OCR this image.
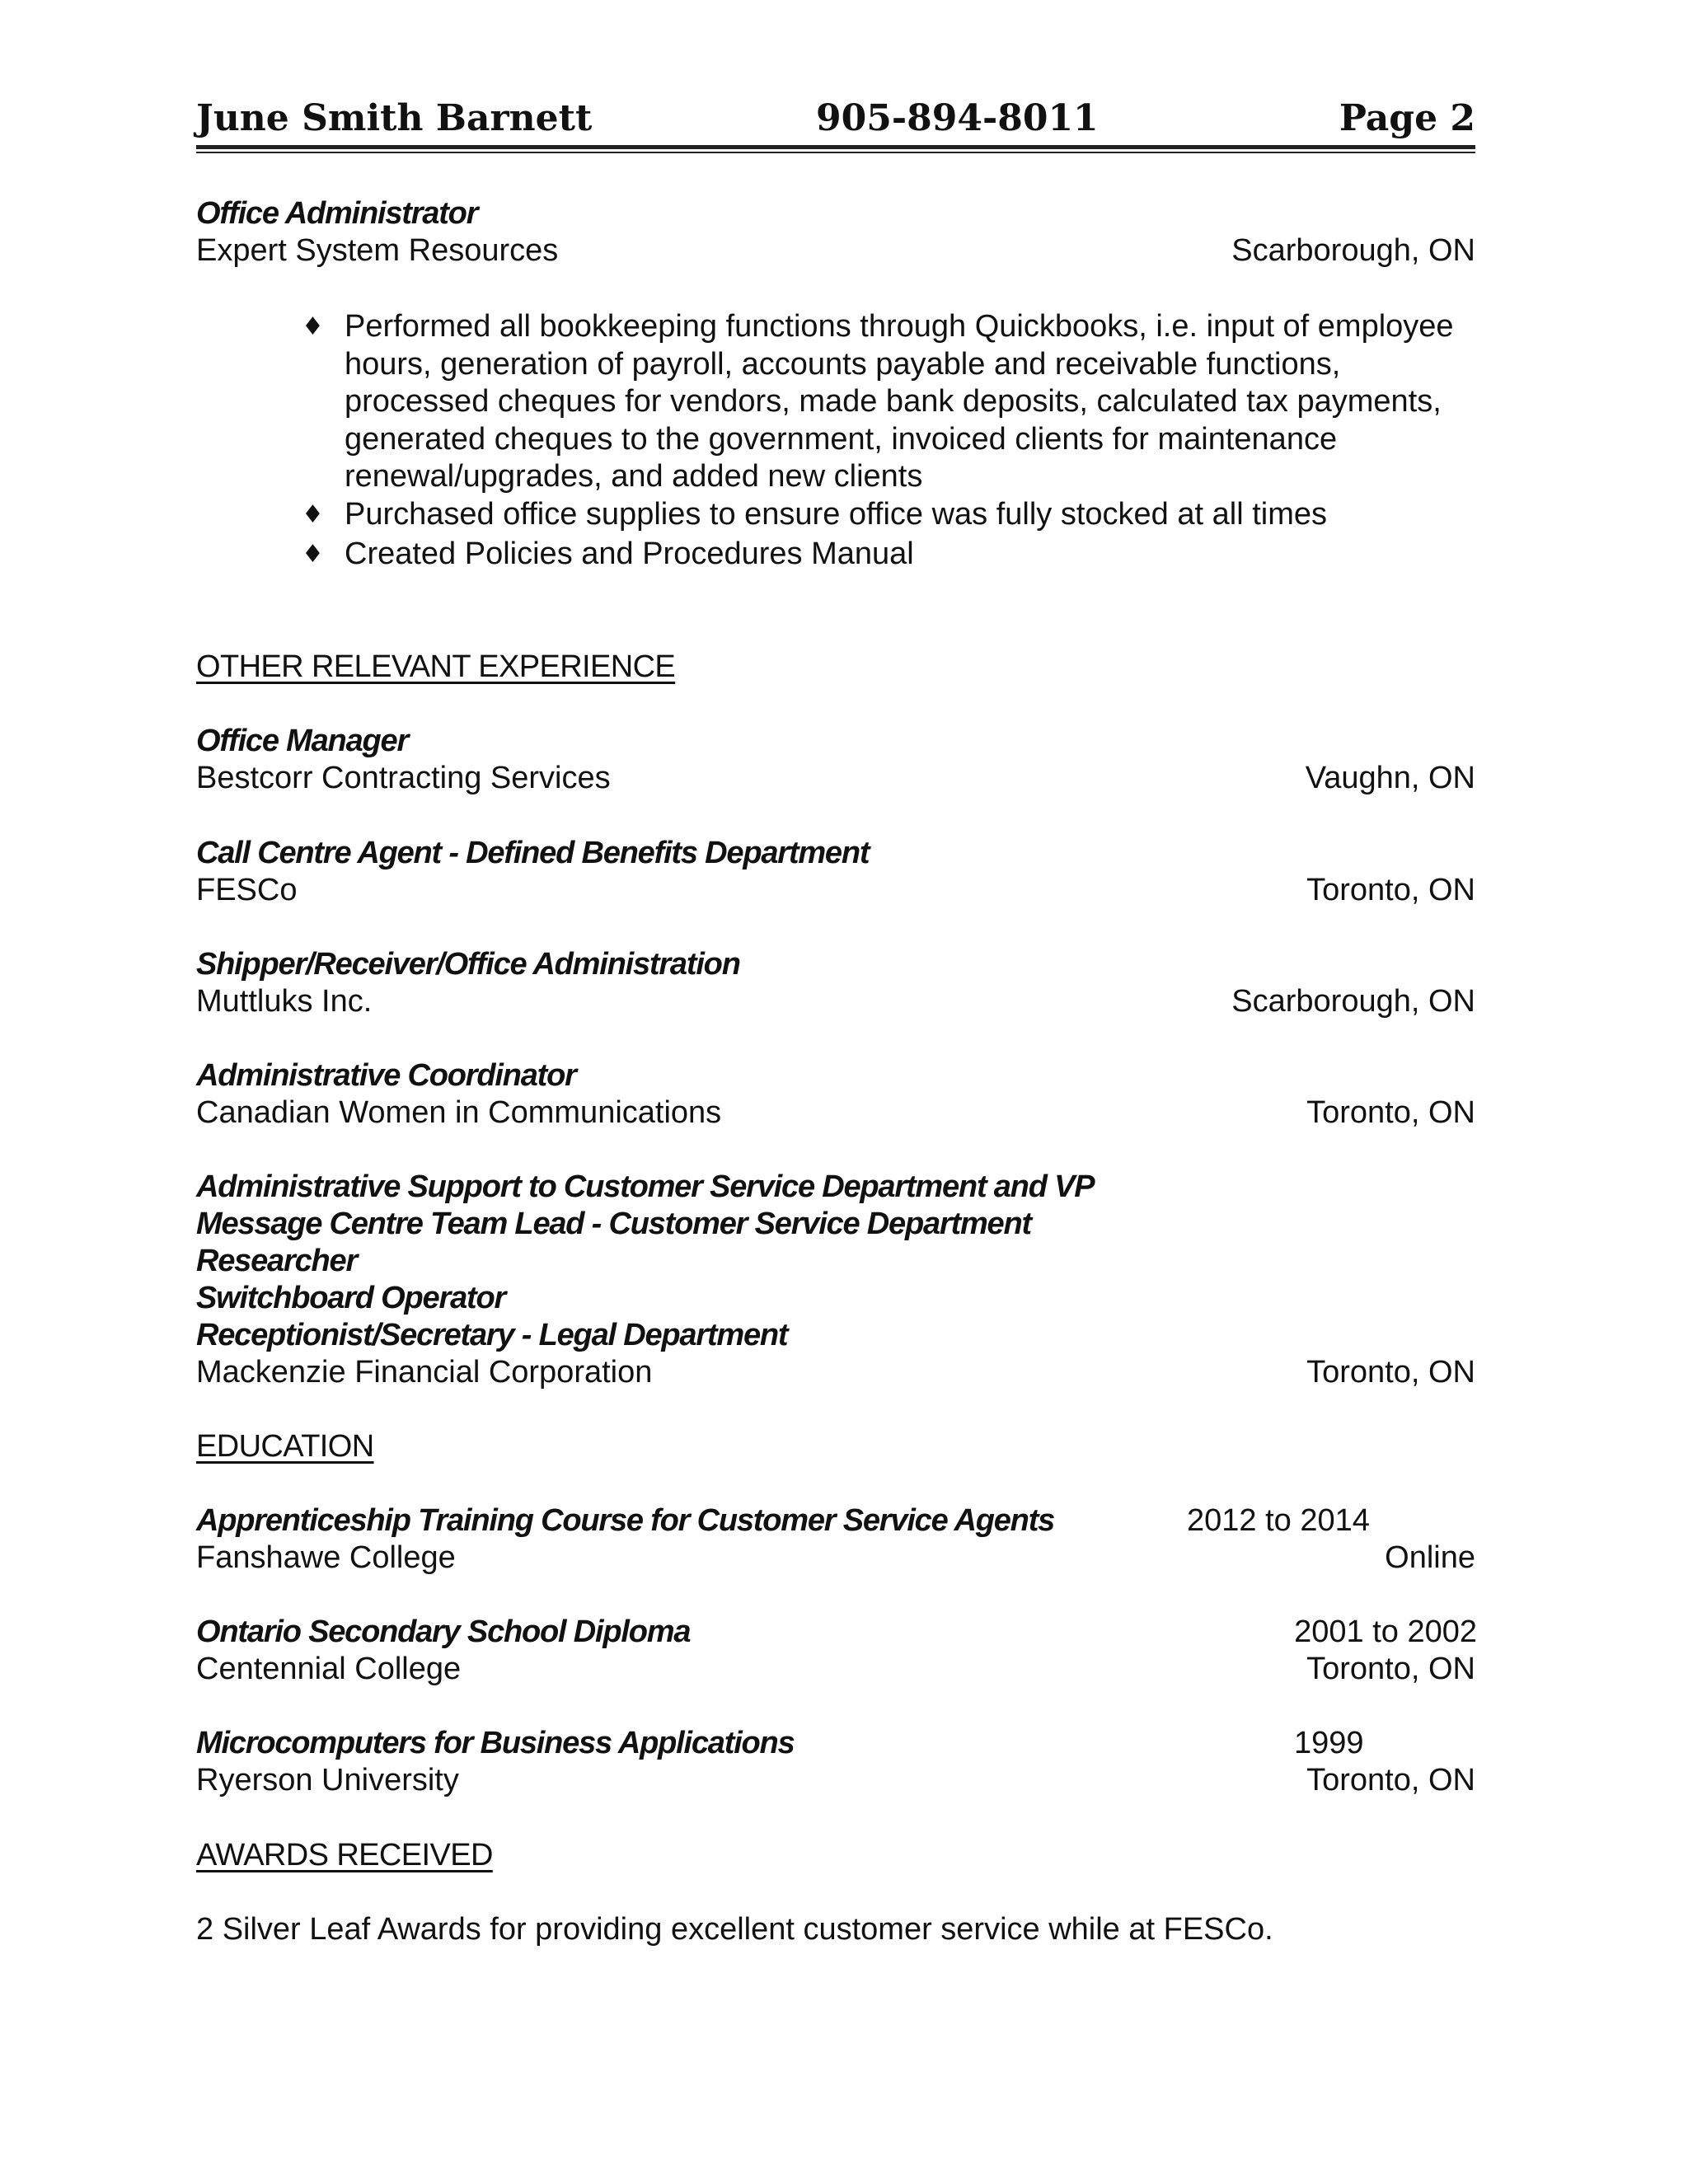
June Smith Barnett	905-894-8011	Page 2
Office Administrator
Expert System Resources	Scarborough, ON
♦ Performed all bookkeeping functions through Quickbooks, i.e. input of employee hours, generation of payroll, accounts payable and receivable functions, processed cheques for vendors, made bank deposits, calculated tax payments, generated cheques to the government, invoiced clients for maintenance renewal/upgrades, and added new clients
♦ Purchased office supplies to ensure office was fully stocked at all times
♦ Created Policies and Procedures Manual
OTHER RELEVANT EXPERIENCE
Office Manager
Bestcorr Contracting Services	Vaughn, ON
Call Centre Agent - Defined Benefits Department
FESCo	Toronto, ON
Shipper/Receiver/Office Administration
Muttluks Inc.	Scarborough, ON
Administrative Coordinator
Canadian Women in Communications	Toronto, ON
Administrative Support to Customer Service Department and VP
Message Centre Team Lead - Customer Service Department
Researcher
Switchboard Operator
Receptionist/Secretary - Legal Department
Mackenzie Financial Corporation	Toronto, ON
EDUCATION
Apprenticeship Training Course for Customer Service Agents	2012 to 2014
Fanshawe College	Online
Ontario Secondary School Diploma	2001 to 2002
Centennial College	Toronto, ON
Microcomputers for Business Applications	1999
Ryerson University	Toronto, ON
AWARDS RECEIVED
2 Silver Leaf Awards for providing excellent customer service while at FESCo.
